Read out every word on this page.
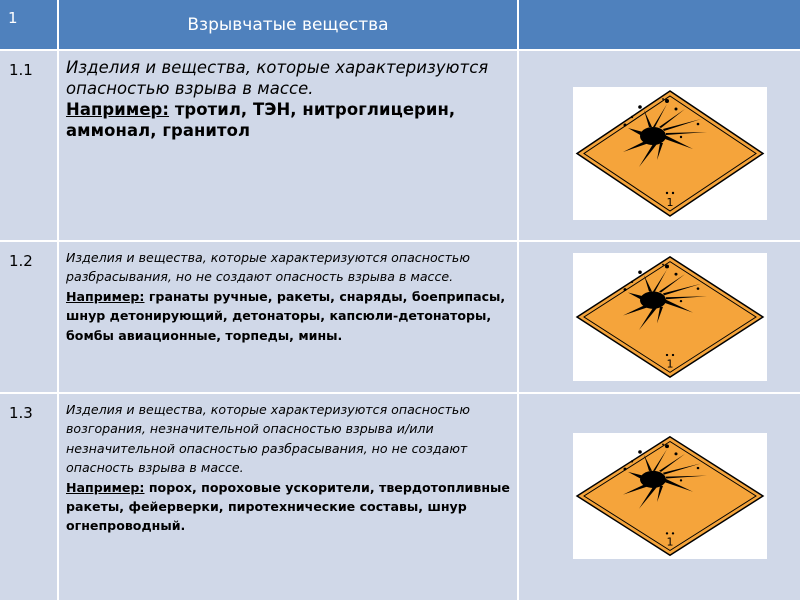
1	Взрывчатые вещества
1.1	Изделия и вещества, которые характеризуются опасностью взрыва в массе.
Например: тротил, ТЭН, нитроглицерин, аммонал, гранитол
1
1.2	Изделия и вещества, которые характеризуются опасностью разбрасывания, но не создают опасность взрыва в массе. Например: гранаты ручные, ракеты, снаряды, боеприпасы, шнур детонирующий, детонаторы, капсюли-детонаторы, бомбы авиационные, торпеды, мины.
1
1.3	Изделия и вещества, которые характеризуются опасностью возгорания, незначительной опасностью взрыва и/или незначительной опасностью разбрасывания, но не создают опасность взрыва в массе.
Например: порох, пороховые ускорители, твердотопливные ракеты, фейерверки, пиротехнические составы, шнур огнепроводный.
1
